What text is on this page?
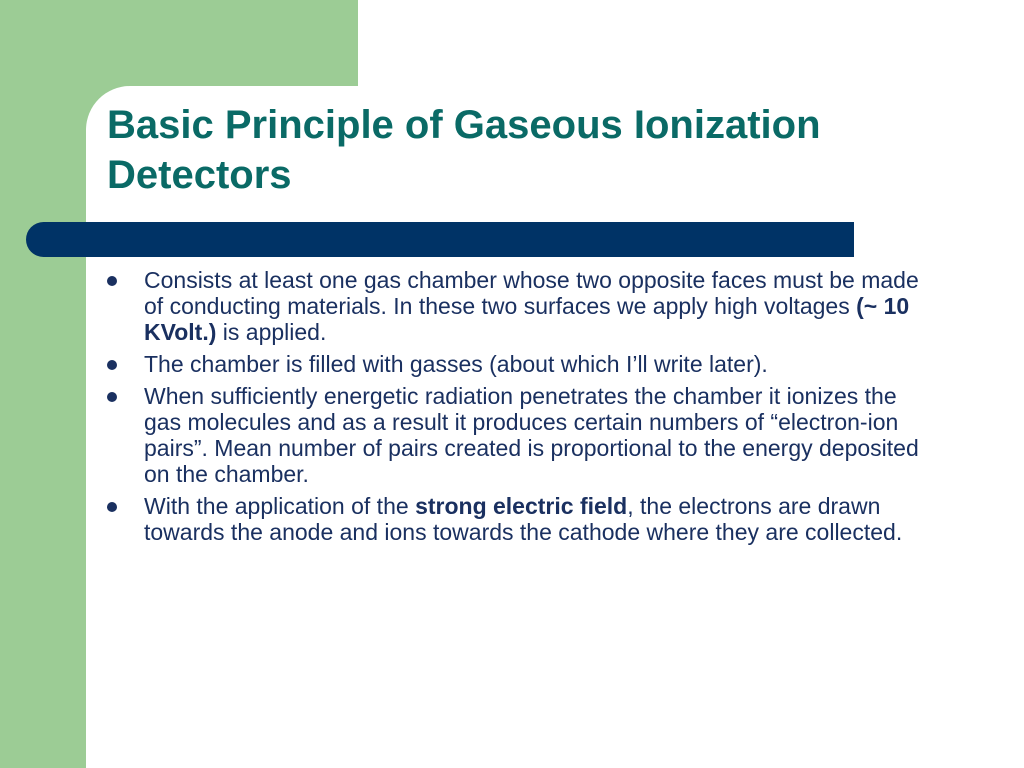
Basic Principle of Gaseous Ionization Detectors
Consists at least one gas chamber whose two opposite faces must be made of conducting materials. In these two surfaces we apply high voltages (~ 10 KVolt.) is applied.
The chamber is filled with gasses (about which I’ll write later).
When sufficiently energetic radiation penetrates the chamber it ionizes the gas molecules and as a result it produces certain numbers of “electron-ion pairs”. Mean number of pairs created is proportional to the energy deposited on the chamber.
With the application of the strong electric field, the electrons are drawn towards the anode and ions towards the cathode where they are collected.
